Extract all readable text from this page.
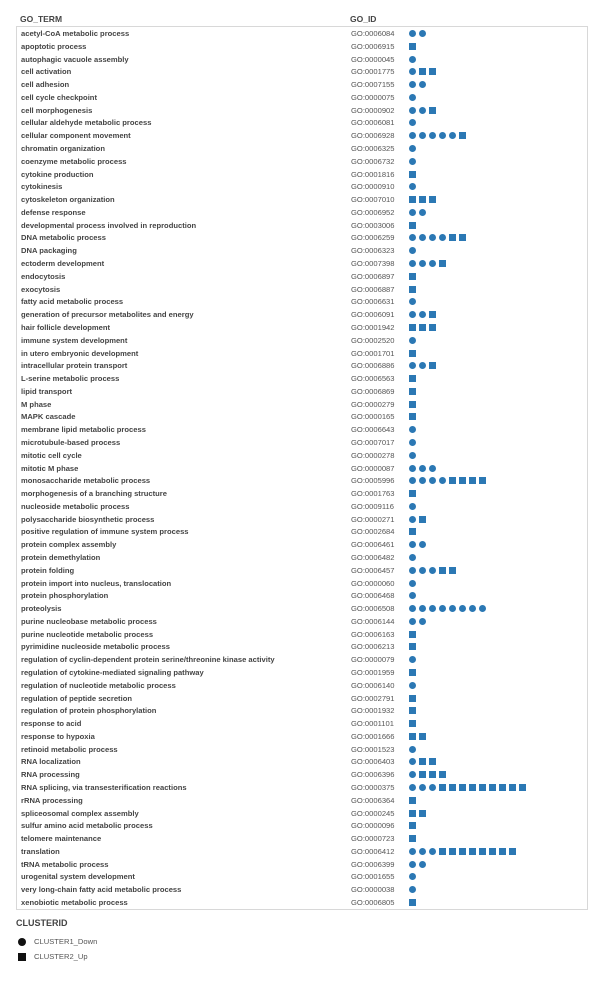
GO_TERM	GO_ID
acetyl-CoA metabolic process	GO:0006084
apoptotic process	GO:0006915
autophagic vacuole assembly	GO:0000045
cell activation	GO:0001775
cell adhesion	GO:0007155
cell cycle checkpoint	GO:0000075
cell morphogenesis	GO:0000902
cellular aldehyde metabolic process	GO:0006081
cellular component movement	GO:0006928
chromatin organization	GO:0006325
coenzyme metabolic process	GO:0006732
cytokine production	GO:0001816
cytokinesis	GO:0000910
cytoskeleton organization	GO:0007010
defense response	GO:0006952
developmental process involved in reproduction	GO:0003006
DNA metabolic process	GO:0006259
DNA packaging	GO:0006323
ectoderm development	GO:0007398
endocytosis	GO:0006897
exocytosis	GO:0006887
fatty acid metabolic process	GO:0006631
generation of precursor metabolites and energy	GO:0006091
hair follicle development	GO:0001942
immune system development	GO:0002520
in utero embryonic development	GO:0001701
intracellular protein transport	GO:0006886
L-serine metabolic process	GO:0006563
lipid transport	GO:0006869
M phase	GO:0000279
MAPK cascade	GO:0000165
membrane lipid metabolic process	GO:0006643
microtubule-based process	GO:0007017
mitotic cell cycle	GO:0000278
mitotic M phase	GO:0000087
monosaccharide metabolic process	GO:0005996
morphogenesis of a branching structure	GO:0001763
nucleoside metabolic process	GO:0009116
polysaccharide biosynthetic process	GO:0000271
positive regulation of immune system process	GO:0002684
protein complex assembly	GO:0006461
protein demethylation	GO:0006482
protein folding	GO:0006457
protein import into nucleus, translocation	GO:0000060
protein phosphorylation	GO:0006468
proteolysis	GO:0006508
purine nucleobase metabolic process	GO:0006144
purine nucleotide metabolic process	GO:0006163
pyrimidine nucleoside metabolic process	GO:0006213
regulation of cyclin-dependent protein serine/threonine kinase activity	GO:0000079
regulation of cytokine-mediated signaling pathway	GO:0001959
regulation of nucleotide metabolic process	GO:0006140
regulation of peptide secretion	GO:0002791
regulation of protein phosphorylation	GO:0001932
response to acid	GO:0001101
response to hypoxia	GO:0001666
retinoid metabolic process	GO:0001523
RNA localization	GO:0006403
RNA processing	GO:0006396
RNA splicing, via transesterification reactions	GO:0000375
rRNA processing	GO:0006364
spliceosomal complex assembly	GO:0000245
sulfur amino acid metabolic process	GO:0000096
telomere maintenance	GO:0000723
translation	GO:0006412
tRNA metabolic process	GO:0006399
urogenital system development	GO:0001655
very long-chain fatty acid metabolic process	GO:0000038
xenobiotic metabolic process	GO:0006805
CLUSTERID
CLUSTER1_Down
CLUSTER2_Up
